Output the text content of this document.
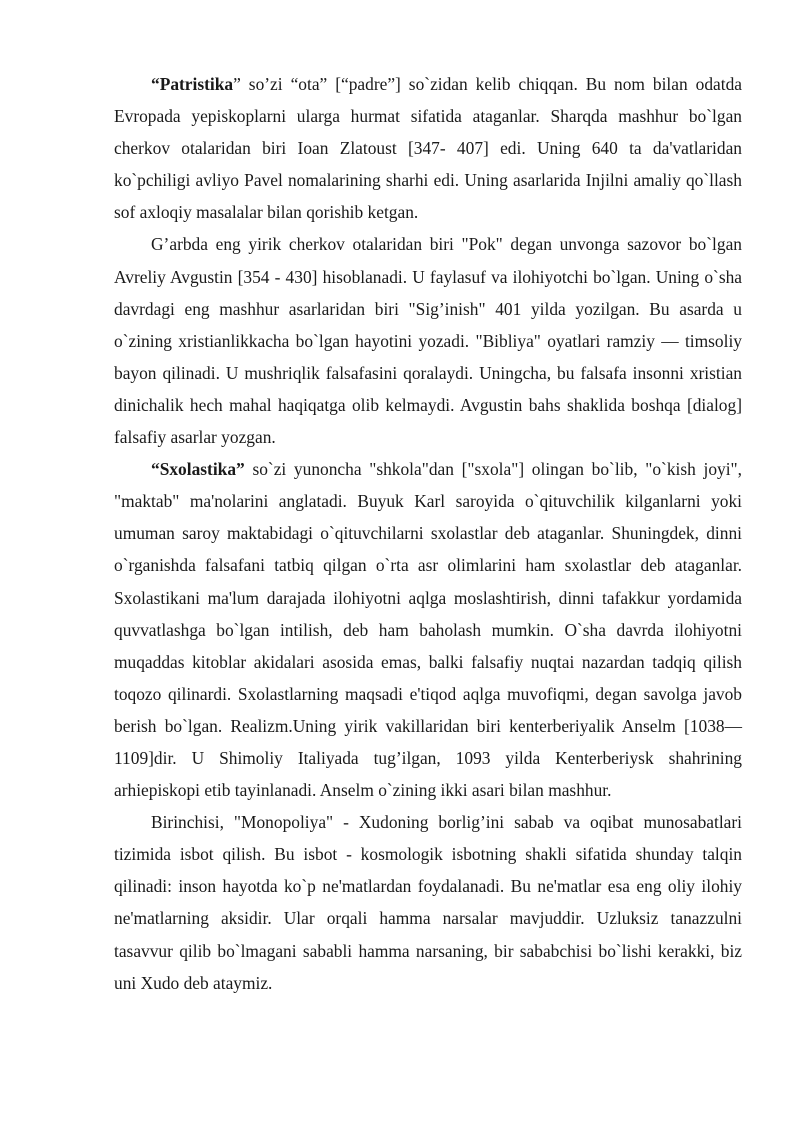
“Patristika” so’zi “ota” [“padre”] so`zidan kelib chiqqan. Bu nom bilan odatda Evropada yepiskoplarni ularga hurmat sifatida ataganlar. Sharqda mashhur bo`lgan cherkov otalaridan biri Ioan Zlatoust [347- 407] edi. Uning 640 ta da'vatlaridan ko`pchiligi avliyo Pavel nomalarining sharhi edi. Uning asarlarida Injilni amaliy qo`llash sof axloqiy masalalar bilan qorishib ketgan.

G’arbda eng yirik cherkov otalaridan biri "Pok" degan unvonga sazovor bo`lgan Avreliy Avgustin [354 - 430] hisoblanadi. U faylasuf va ilohiyotchi bo`lgan. Uning o`sha davrdagi eng mashhur asarlaridan biri "Sig’inish" 401 yilda yozilgan. Bu asarda u o`zining xristianlikkacha bo`lgan hayotini yozadi. "Bibliya" oyatlari ramziy — timsoliy bayon qilinadi. U mushriqlik falsafasini qoralaydi. Uningcha, bu falsafa insonni xristian dinichalik hech mahal haqiqatga olib kelmaydi. Avgustin bahs shaklida boshqa [dialog] falsafiy asarlar yozgan.

“Sxolastika” so`zi yunoncha "shkola"dan ["sxola"] olingan bo`lib, "o`kish joyi", "maktab" ma'nolarini anglatadi. Buyuk Karl saroyida o`qituvchilik kilganlarni yoki umuman saroy maktabidagi o`qituvchilarni sxolastlar deb ataganlar. Shuningdek, dinni o`rganishda falsafani tatbiq qilgan o`rta asr olimlarini ham sxolastlar deb ataganlar. Sxolastikani ma'lum darajada ilohiyotni aqlga moslashtirish, dinni tafakkur yordamida quvvatlashga bo`lgan intilish, deb ham baholash mumkin. O`sha davrda ilohiyotni muqaddas kitoblar akidalari asosida emas, balki falsafiy nuqtai nazardan tadqiq qilish toqozo qilinardi. Sxolastlarning maqsadi e'tiqod aqlga muvofiqmi, degan savolga javob berish bo`lgan. Realizm.Uning yirik vakillaridan biri kenterberiyalik Anselm [1038— 1109]dir. U Shimoliy Italiyada tug’ilgan, 1093 yilda Kenterberiysk shahrining arhiepiskopi etib tayinlanadi. Anselm o`zining ikki asari bilan mashhur.

Birinchisi, "Monopoliya" - Xudoning borlig’ini sabab va oqibat munosabatlari tizimida isbot qilish. Bu isbot - kosmologik isbotning shakli sifatida shunday talqin qilinadi: inson hayotda ko`p ne'matlardan foydalanadi. Bu ne'matlar esa eng oliy ilohiy ne'matlarning aksidir. Ular orqali hamma narsalar mavjuddir. Uzluksiz tanazzulni tasavvur qilib bo`lmagani sababli hamma narsaning, bir sababchisi bo`lishi kerakki, biz uni Xudo deb ataymiz.
